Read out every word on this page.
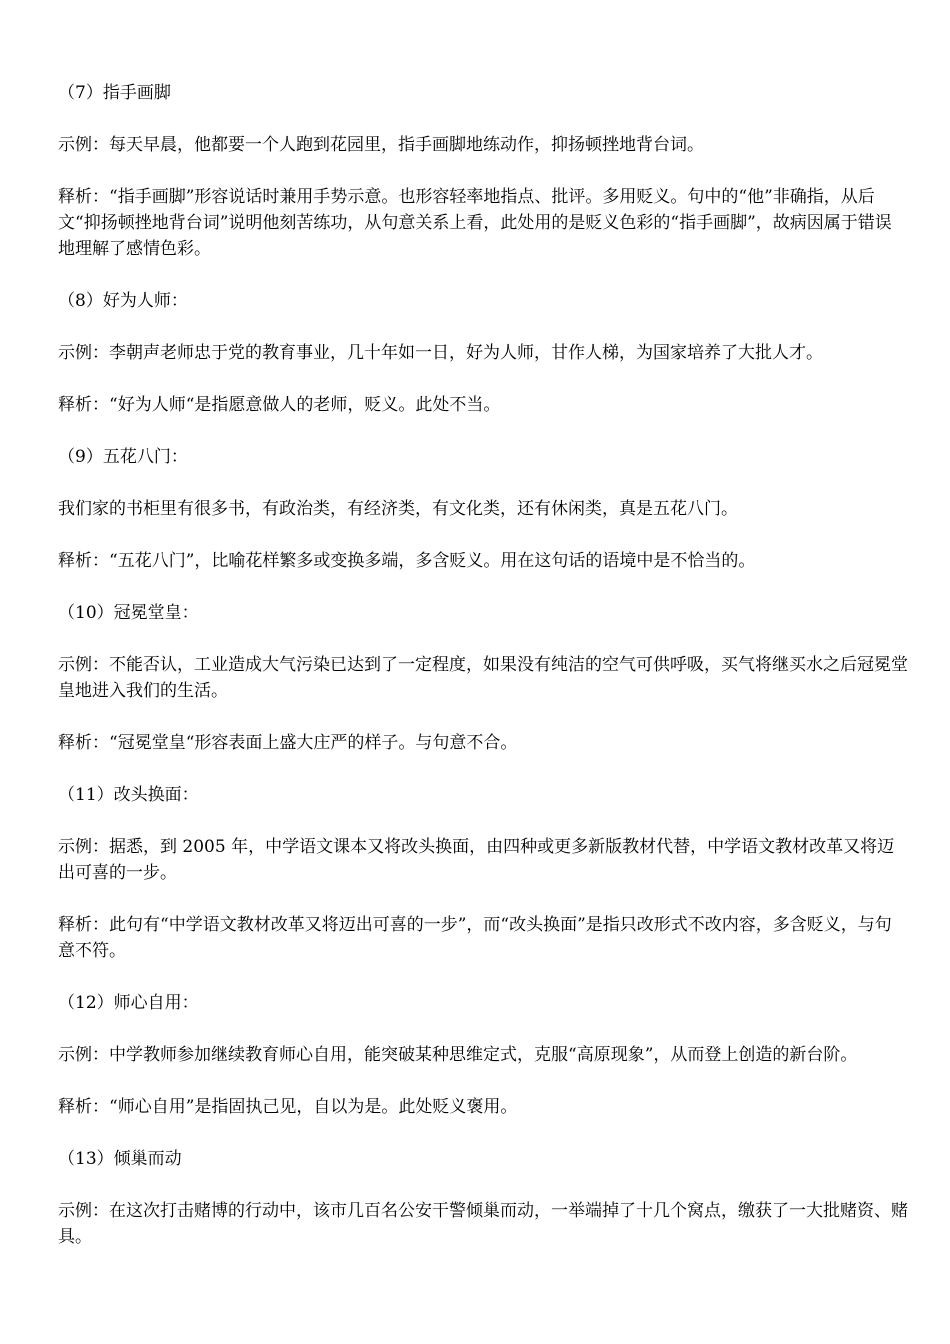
（7）指手画脚

示例：每天早晨，他都要一个人跑到花园里，指手画脚地练动作，抑扬顿挫地背台词。

释析：“指手画脚”形容说话时兼用手势示意。也形容轻率地指点、批评。多用贬义。句中的“他”非确指，从后文“抑扬顿挫地背台词”说明他刻苦练功，从句意关系上看，此处用的是贬义色彩的“指手画脚”，故病因属于错误地理解了感情色彩。

（8）好为人师：

示例：李朝声老师忠于党的教育事业，几十年如一日，好为人师，甘作人梯，为国家培养了大批人才。

释析：“好为人师“是指愿意做人的老师，贬义。此处不当。

（9）五花八门：

我们家的书柜里有很多书，有政治类，有经济类，有文化类，还有休闲类，真是五花八门。

释析：“五花八门”，比喻花样繁多或变换多端，多含贬义。用在这句话的语境中是不恰当的。

（10）冠冕堂皇：

示例：不能否认，工业造成大气污染已达到了一定程度，如果没有纯洁的空气可供呼吸，买气将继买水之后冠冕堂皇地进入我们的生活。

释析：“冠冕堂皇“形容表面上盛大庄严的样子。与句意不合。

（11）改头换面：

示例：据悉，到 2005 年，中学语文课本又将改头换面，由四种或更多新版教材代替，中学语文教材改革又将迈出可喜的一步。

释析：此句有“中学语文教材改革又将迈出可喜的一步”，而“改头换面”是指只改形式不改内容，多含贬义，与句意不符。

（12）师心自用：

示例：中学教师参加继续教育师心自用，能突破某种思维定式，克服“高原现象”，从而登上创造的新台阶。

释析：“师心自用”是指固执己见，自以为是。此处贬义褒用。

（13）倾巢而动

示例：在这次打击赌博的行动中，该市几百名公安干警倾巢而动，一举端掉了十几个窝点，缴获了一大批赌资、赌具。
